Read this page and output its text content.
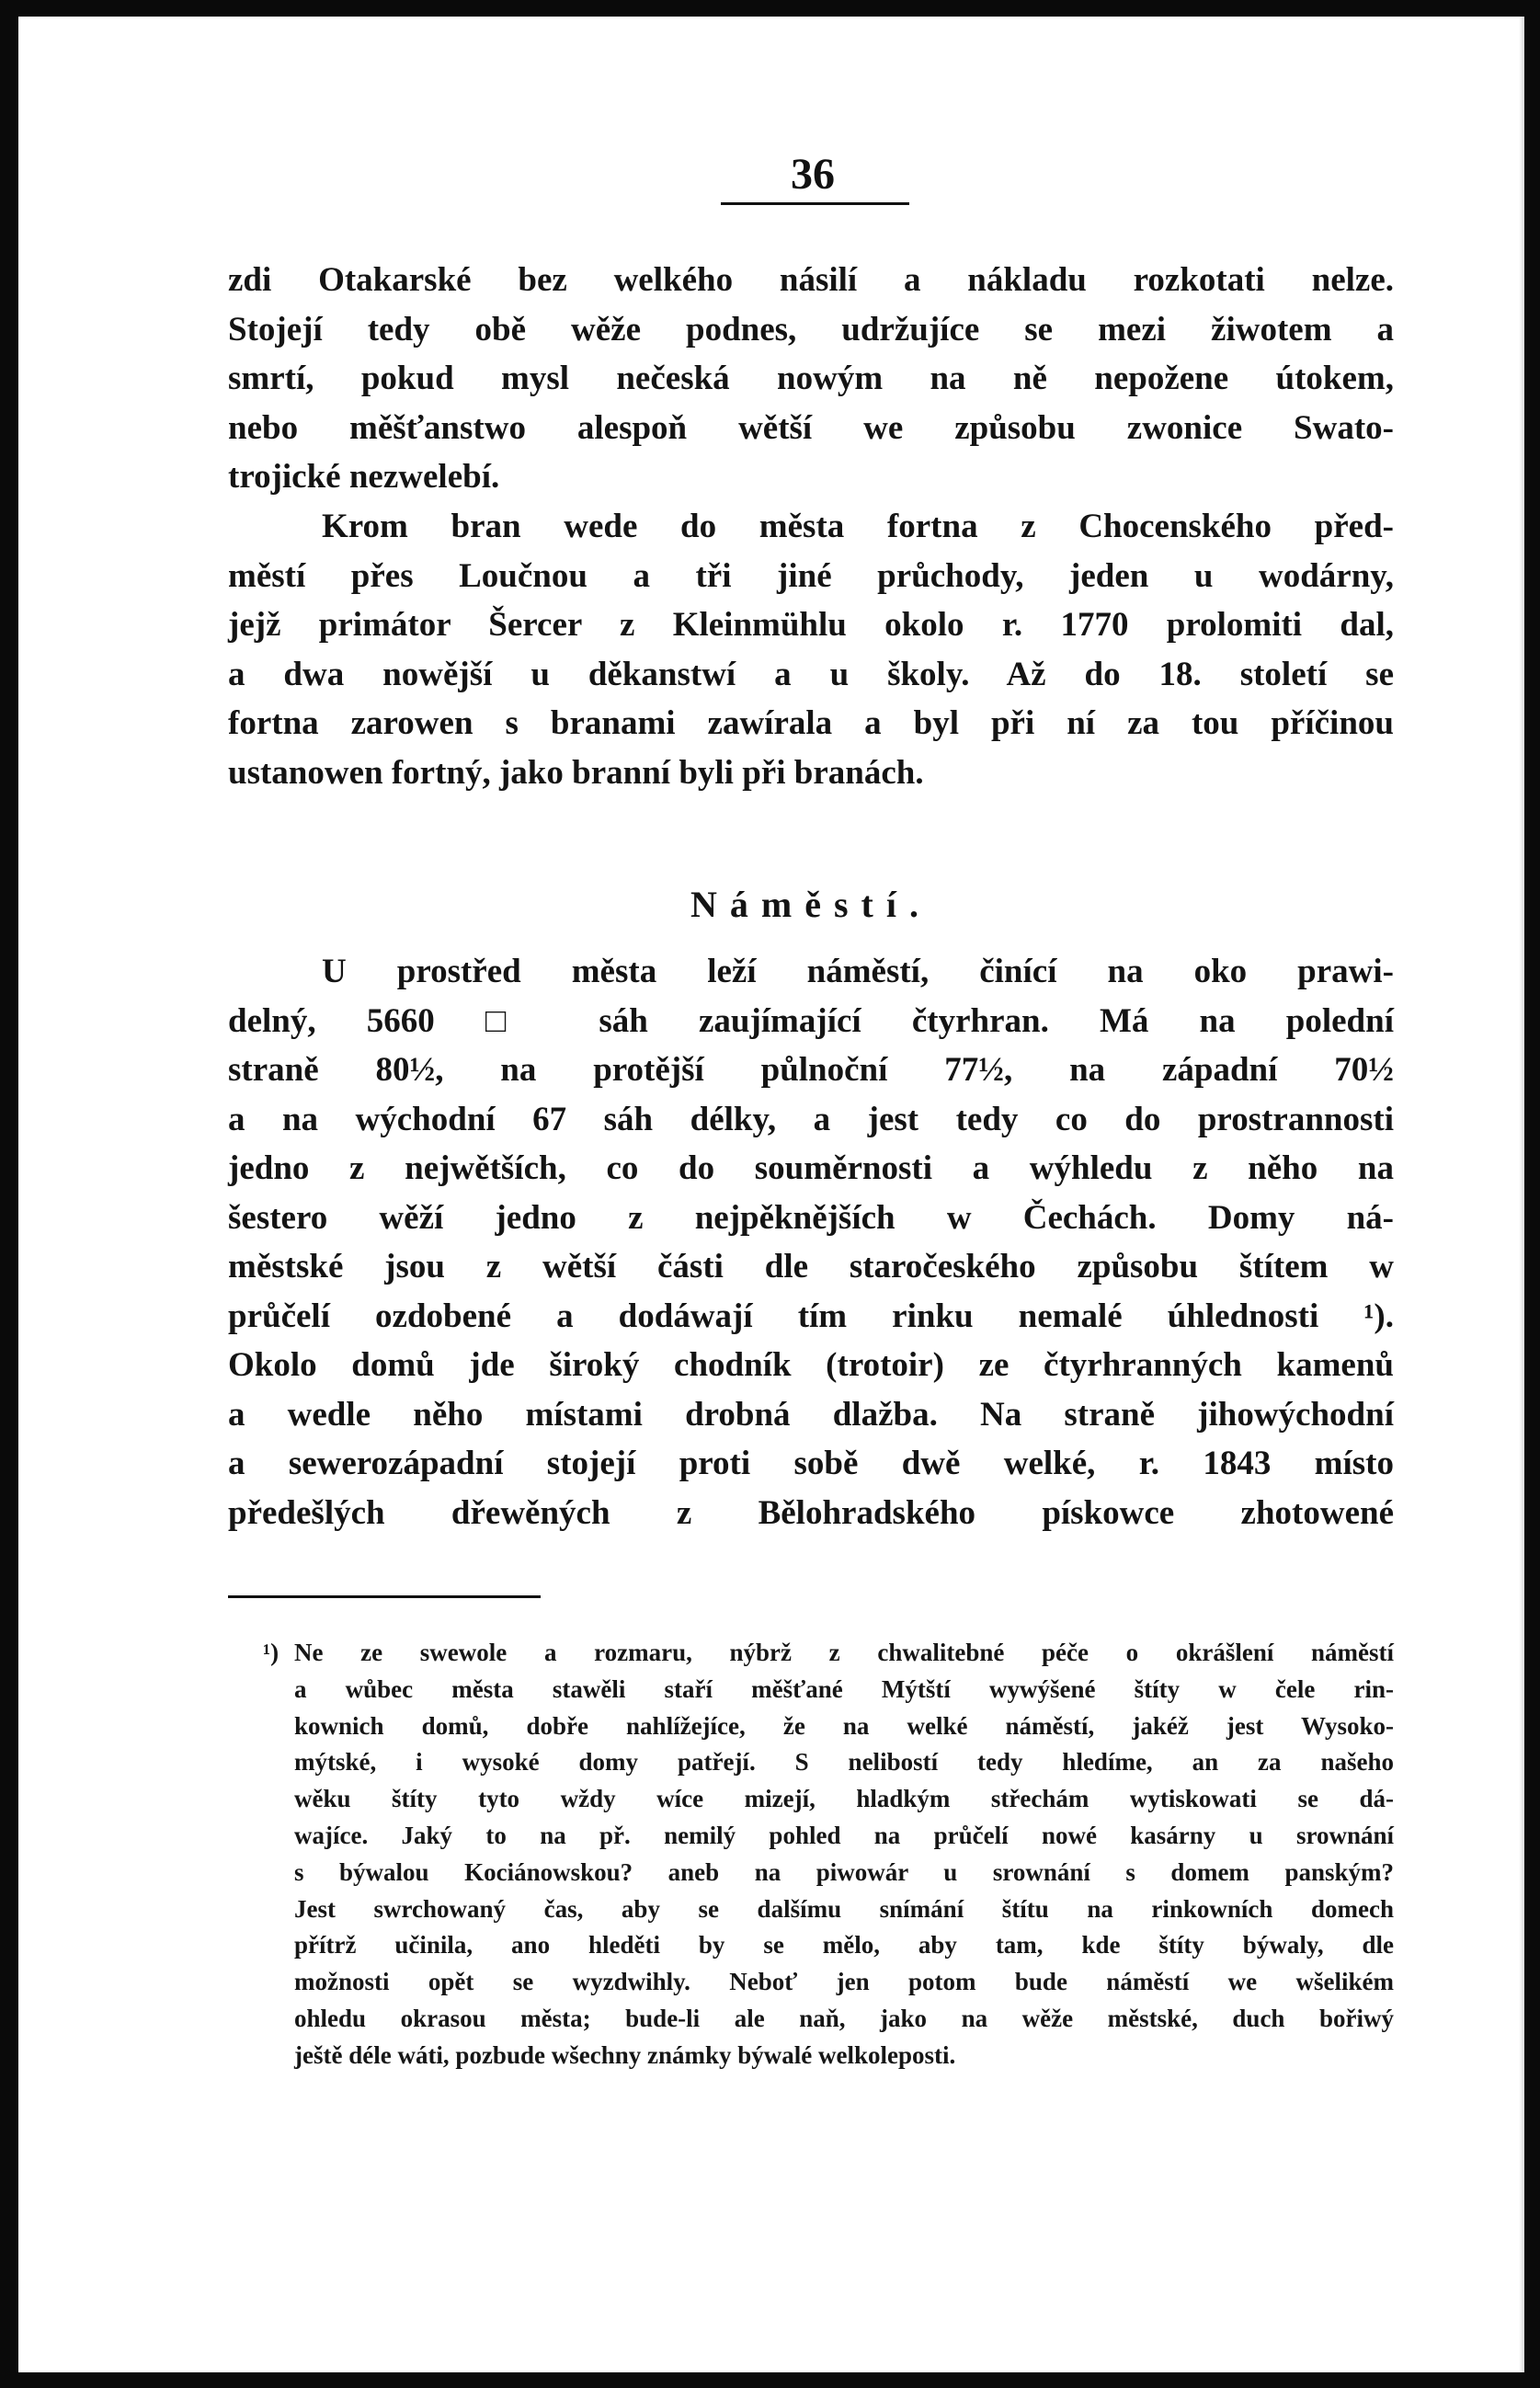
36
zdi Otakarské bez welkého násilí a nákladu rozkotati nelze.
Stojejí tedy obě wěže podnes, udržujíce se mezi žiwotem a
smrtí, pokud mysl nečeská nowým na ně nepožene útokem,
nebo měšťanstwo alespoň wětší we způsobu zwonice Swato-
trojické nezwelebí.
Krom bran wede do města fortna z Chocenského před-
městí přes Loučnou a tři jiné průchody, jeden u wodárny,
jejž primátor Šercer z Kleinmühlu okolo r. 1770 prolomiti dal,
a dwa nowější u děkanstwí a u školy. Až do 18. století se
fortna zarowen s branami zawírala a byl při ní za tou příčinou
ustanowen fortný, jako branní byli při branách.
Náměstí.
U prostřed města leží náměstí, činící na oko prawi-
delný, 5660 □ sáh zaujímající čtyrhran. Má na polední
straně 80½, na protější půlnoční 77½, na západní 70½
a na wýchodní 67 sáh délky, a jest tedy co do prostrannosti
jedno z nejwětších, co do souměrnosti a wýhledu z něho na
šestero wěží jedno z nejpěknějších w Čechách. Domy ná-
městské jsou z wětší části dle staročeského způsobu štítem w
průčelí ozdobené a dodáwají tím rinku nemalé úhlednosti ¹).
Okolo domů jde široký chodník (trotoir) ze čtyrhranných kamenů
a wedle něho místami drobná dlažba. Na straně jihowýchodní
a sewerozápadní stojejí proti sobě dwě welké, r. 1843 místo
předešlých dřewěných z Bělohradského pískowce zhotowené
¹) Ne ze swewole a rozmaru, nýbrž z chwalitebné péče o okrášlení náměstí
a wůbec města stawěli staří měšťané Mýtští wywýšené štíty w čele rin-
kownich domů, dobře nahlížejíce, že na welké náměstí, jakéž jest Wysoko-
mýtské, i wysoké domy patřejí. S nelibostí tedy hledíme, an za našeho
wěku štíty tyto wždy wíce mizejí, hladkým střechám wytiskowati se dá-
wajíce. Jaký to na př. nemilý pohled na průčelí nowé kasárny u srownání
s býwalou Kociánowskou? aneb na piwowár u srownání s domem panským?
Jest swrchowaný čas, aby se dalšímu snímání štítu na rinkowních domech
přítrž učinila, ano hleděti by se mělo, aby tam, kde štíty býwaly, dle
možnosti opět se wyzdwihly. Neboť jen potom bude náměstí we wšelikém
ohledu okrasou města; bude-li ale naň, jako na wěže městské, duch bořiwý
ještě déle wáti, pozbude wšechny známky býwalé welkoleposti.
